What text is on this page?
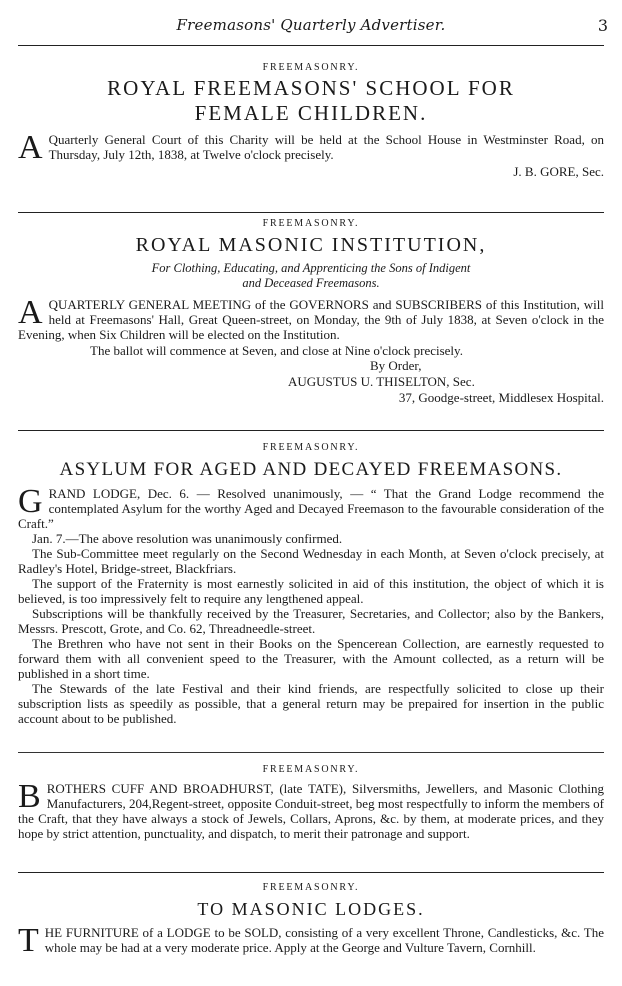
Freemasons' Quarterly Advertiser.	3
FREEMASONRY.
ROYAL FREEMASONS' SCHOOL FOR FEMALE CHILDREN.

A Quarterly General Court of this Charity will be held at the School House in Westminster Road, on Thursday, July 12th, 1838, at Twelve o'clock precisely.

J. B. GORE, Sec.
FREEMASONRY.
ROYAL MASONIC INSTITUTION,
For Clothing, Educating, and Apprenticing the Sons of Indigent
and Deceased Freemasons.

AQUARTERLY GENERAL MEETING of the GOVERNORS and SUBSCRIBERS of this Institution, will held at Freemasons' Hall, Great Queen-street, on Monday, the 9th of July 1838, at Seven o'clock in the Evening, when Six Children will be elected on the Institution.

The ballot will commence at Seven, and close at Nine o'clock precisely.

By Order,
AUGUSTUS U. THISELTON, Sec.
37, Goodge-street, Middlesex Hospital.
FREEMASONRY.
ASYLUM FOR AGED AND DECAYED FREEMASONS.

GRAND LODGE, Dec. 6. — Resolved unanimously, — “ That the Grand Lodge recommend the contemplated Asylum for the worthy Aged and Decayed Freemason to the favourable consideration of the Craft.”

Jan. 7.—The above resolution was unanimously confirmed.

The Sub-Committee meet regularly on the Second Wednesday in each Month, at Seven o'clock precisely, at Radley's Hotel, Bridge-street, Blackfriars.

The support of the Fraternity is most earnestly solicited in aid of this institution, the object of which it is believed, is too impressively felt to require any lengthened appeal.

Subscriptions will be thankfully received by the Treasurer, Secretaries, and Collector; also by the Bankers, Messrs. Prescott, Grote, and Co. 62, Threadneedle-street.

The Brethren who have not sent in their Books on the Spencerean Collection, are earnestly requested to forward them with all convenient speed to the Treasurer, with the Amount collected, as a return will be published in a short time.

The Stewards of the late Festival and their kind friends, are respectfully solicited to close up their subscription lists as speedily as possible, that a general return may be prepaired for insertion in the public account about to be published.

FREEMASONRY.

BROTHERS CUFF AND BROADHURST, (late TATE), Silversmiths, Jewellers, and Masonic Clothing Manufacturers, 204,Regent-street, opposite Conduit-street, beg most respectfully to inform the members of the Craft, that they have always a stock of Jewels, Collars, Aprons, &c. by them, at moderate prices, and they hope by strict attention, punctuality, and dispatch, to merit their patronage and support.

FREEMASONRY.
TO MASONIC LODGES.

THE FURNITURE of a LODGE to be SOLD, consisting of a very excellent Throne, Candlesticks, &c. The whole may be had at a very moderate price. Apply at the George and Vulture Tavern, Cornhill.
